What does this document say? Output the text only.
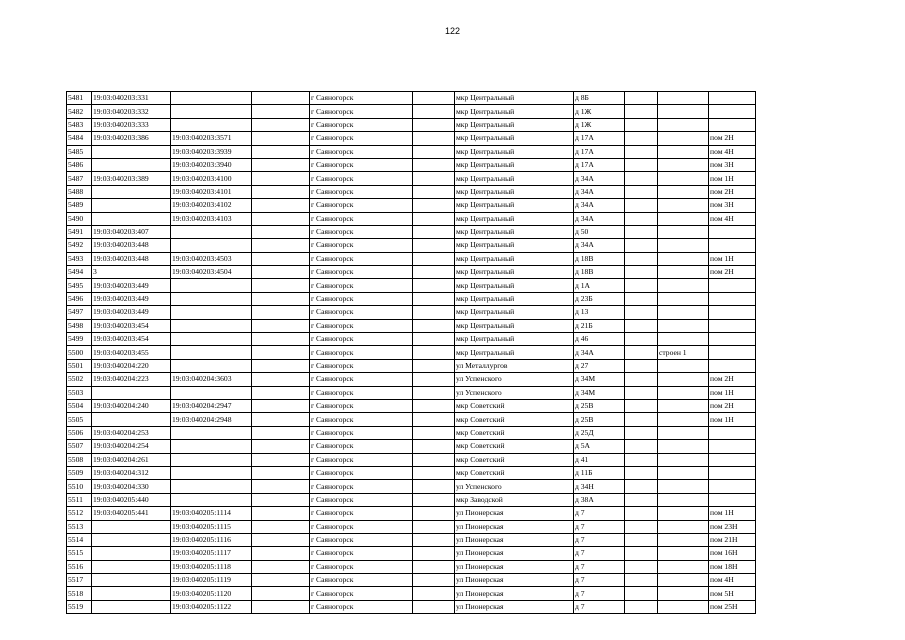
122
5481	19:03:040203:331			г Саяногорск		мкр Центральный	д 8Б			
5482	19:03:040203:332			г Саяногорск		мкр Центральный	д 1Ж			
5483	19:03:040203:333			г Саяногорск		мкр Центральный	д 1Ж			
5484	19:03:040203:386	19:03:040203:3571		г Саяногорск		мкр Центральный	д 17А			пом 2Н
5485		19:03:040203:3939		г Саяногорск		мкр Центральный	д 17А			пом 4Н
5486		19:03:040203:3940		г Саяногорск		мкр Центральный	д 17А			пом 3Н
5487	19:03:040203:389	19:03:040203:4100		г Саяногорск		мкр Центральный	д 34А			пом 1Н
5488		19:03:040203:4101		г Саяногорск		мкр Центральный	д 34А			пом 2Н
5489		19:03:040203:4102		г Саяногорск		мкр Центральный	д 34А			пом 3Н
5490		19:03:040203:4103		г Саяногорск		мкр Центральный	д 34А			пом 4Н
5491	19:03:040203:407			г Саяногорск		мкр Центральный	д 50			
5492	19:03:040203:448			г Саяногорск		мкр Центральный	д 34А			
5493	19:03:040203:448	19:03:040203:4503		г Саяногорск		мкр Центральный	д 18В			пом 1Н
5494	3	19:03:040203:4504		г Саяногорск		мкр Центральный	д 18В			пом 2Н
5495	19:03:040203:449			г Саяногорск		мкр Центральный	д 1А			
5496	19:03:040203:449			г Саяногорск		мкр Центральный	д 23Б			
5497	19:03:040203:449			г Саяногорск		мкр Центральный	д 13			
5498	19:03:040203:454			г Саяногорск		мкр Центральный	д 21Б			
5499	19:03:040203:454			г Саяногорск		мкр Центральный	д 46			
5500	19:03:040203:455			г Саяногорск		мкр Центральный	д 34А		строен 1	
5501	19:03:040204:220			г Саяногорск		ул Металлургов	д 27			
5502	19:03:040204:223	19:03:040204:3603		г Саяногорск		ул Успенского	д 34М			пом 2Н
5503				г Саяногорск		ул Успенского	д 34М			пом 1Н
5504	19:03:040204:240	19:03:040204:2947		г Саяногорск		мкр Советский	д 25В			пом 2Н
5505		19:03:040204:2948		г Саяногорск		мкр Советский	д 25В			пом 1Н
5506	19:03:040204:253			г Саяногорск		мкр Советский	д 25Д			
5507	19:03:040204:254			г Саяногорск		мкр Советский	д 5А			
5508	19:03:040204:261			г Саяногорск		мкр Советский	д 41			
5509	19:03:040204:312			г Саяногорск		мкр Советский	д 11Б			
5510	19:03:040204:330			г Саяногорск		ул Успенского	д 34Н			
5511	19:03:040205:440			г Саяногорск		мкр Заводской	д 38А			
5512	19:03:040205:441	19:03:040205:1114		г Саяногорск		ул Пионерская	д 7			пом 1Н
5513		19:03:040205:1115		г Саяногорск		ул Пионерская	д 7			пом 23Н
5514		19:03:040205:1116		г Саяногорск		ул Пионерская	д 7			пом 21Н
5515		19:03:040205:1117		г Саяногорск		ул Пионерская	д 7			пом 16Н
5516		19:03:040205:1118		г Саяногорск		ул Пионерская	д 7			пом 18Н
5517		19:03:040205:1119		г Саяногорск		ул Пионерская	д 7			пом 4Н
5518		19:03:040205:1120		г Саяногорск		ул Пионерская	д 7			пом 5Н
5519		19:03:040205:1122		г Саяногорск		ул Пионерская	д 7			пом 25Н
